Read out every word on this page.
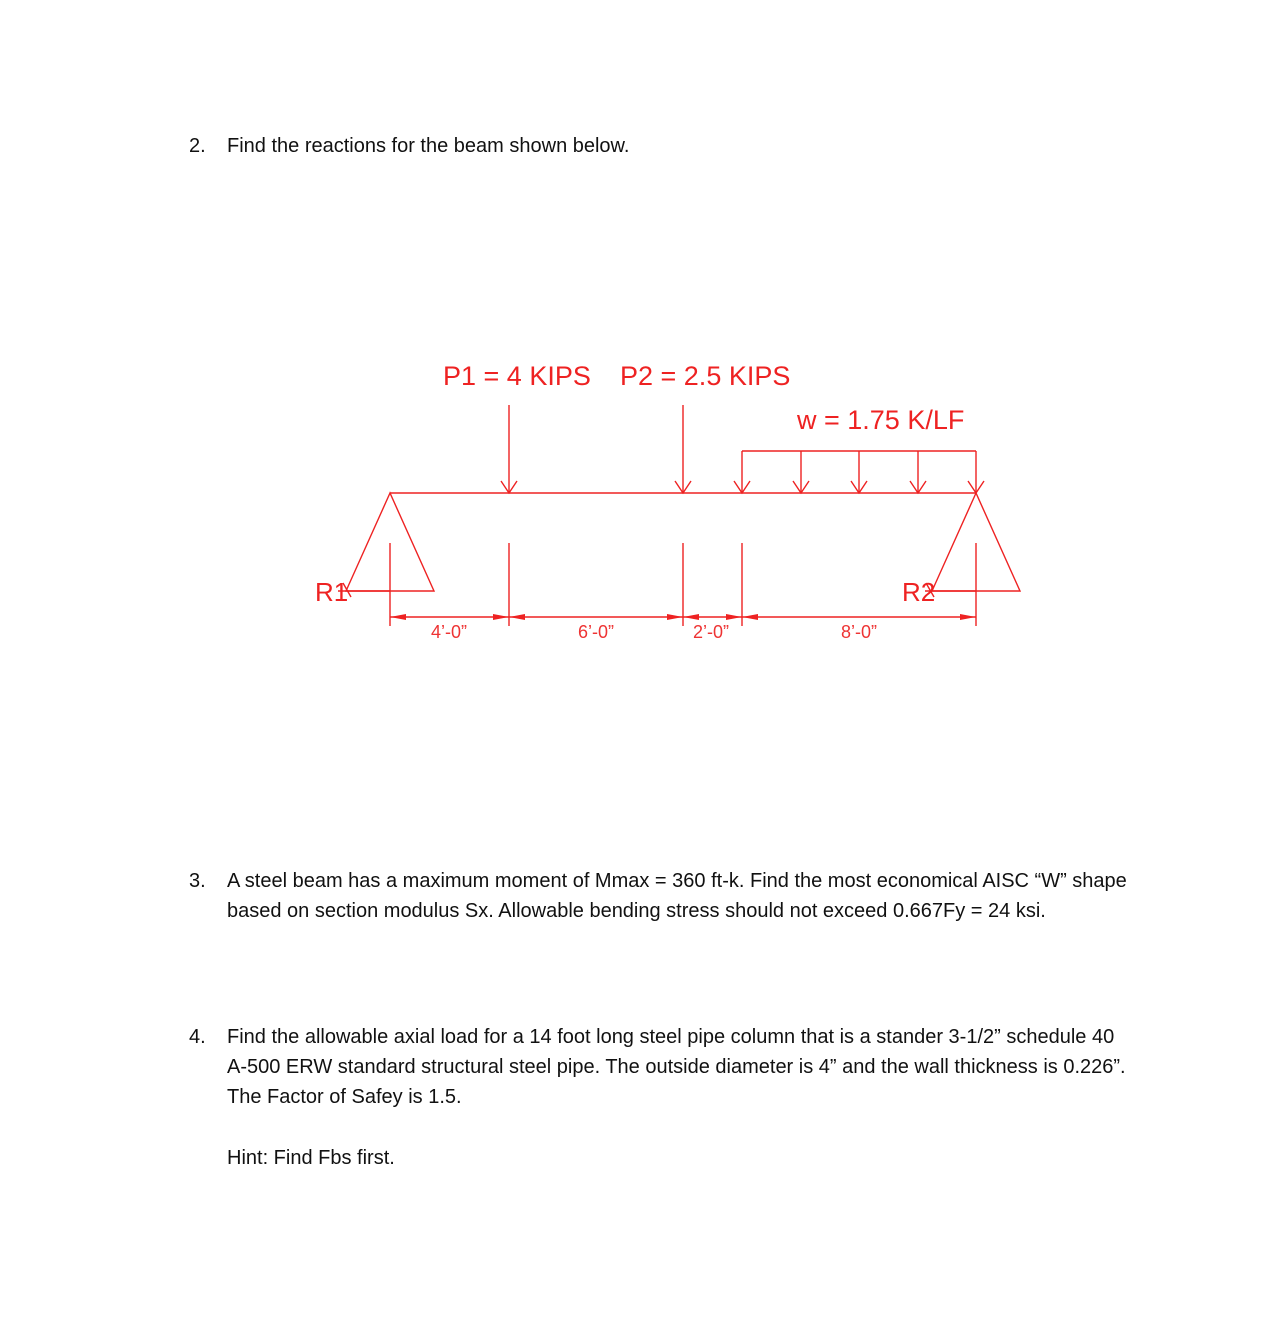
2. Find the reactions for the beam shown below.
P1 = 4 KIPS P2 = 2.5 KIPS
w = 1.75 K/LF
R1	R2
4’-0”	6’-0”	2’-0”	8’-0”
3. A steel beam has a maximum moment of Mmax = 360 ft-k. Find the most economical AISC “W” shape based on section modulus Sx. Allowable bending stress should not exceed 0.667Fy = 24 ksi.
4. Find the allowable axial load for a 14 foot long steel pipe column that is a stander 3-1/2” schedule 40 A-500 ERW standard structural steel pipe. The outside diameter is 4” and the wall thickness is 0.226”. The Factor of Safey is 1.5.
Hint: Find Fbs first.
